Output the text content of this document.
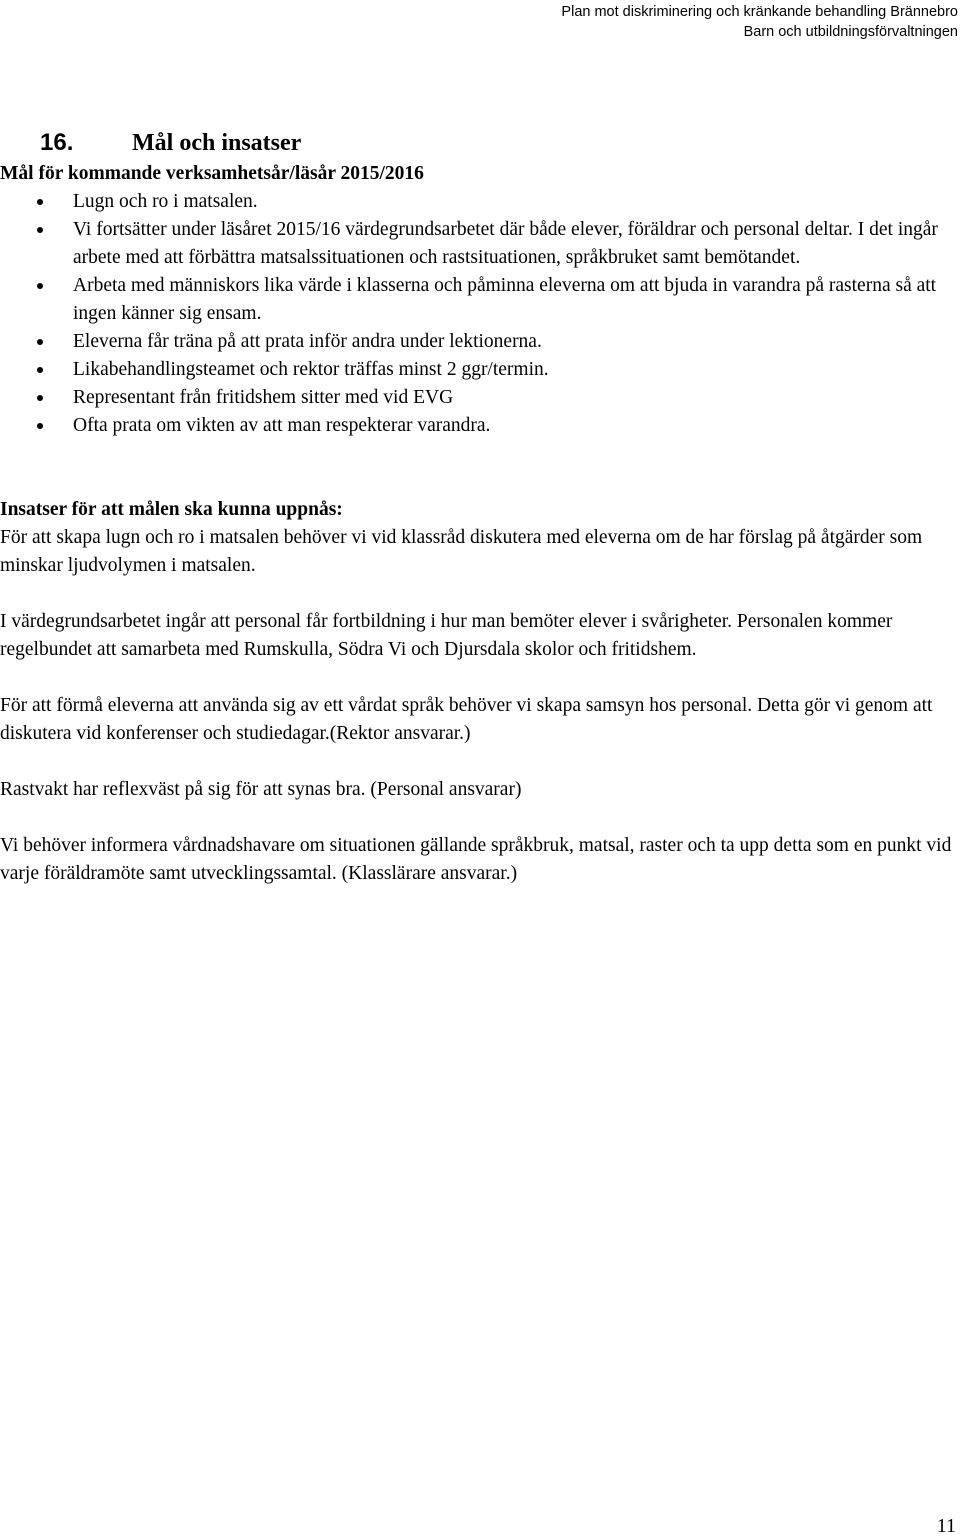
Plan mot diskriminering och kränkande behandling Brännebro
Barn och utbildningsförvaltningen
16. Mål och insatser
Mål för kommande verksamhetsår/läsår 2015/2016
Lugn och ro i matsalen.
Vi fortsätter under läsåret 2015/16 värdegrundsarbetet där både elever, föräldrar och personal deltar. I det ingår arbete med att förbättra matsalssituationen och rastsituationen, språkbruket samt bemötandet.
Arbeta med människors lika värde i klasserna och påminna eleverna om att bjuda in varandra på rasterna så att ingen känner sig ensam.
Eleverna får träna på att prata inför andra under lektionerna.
Likabehandlingsteamet och rektor träffas minst 2 ggr/termin.
Representant från fritidshem sitter med vid EVG
Ofta prata om vikten av att man respekterar varandra.
Insatser för att målen ska kunna uppnås:

För att skapa lugn och ro i matsalen behöver vi vid klassråd diskutera med eleverna om de har förslag på åtgärder som minskar ljudvolymen i matsalen.

I värdegrundsarbetet ingår att personal får fortbildning i hur man bemöter elever i svårigheter. Personalen kommer regelbundet att samarbeta med Rumskulla, Södra Vi och Djursdala skolor och fritidshem.

För att förmå eleverna att använda sig av ett vårdat språk behöver vi skapa samsyn hos personal. Detta gör vi genom att diskutera vid konferenser och studiedagar.(Rektor ansvarar.)

Rastvakt har reflexväst på sig för att synas bra. (Personal ansvarar)

Vi behöver informera vårdnadshavare om situationen gällande språkbruk, matsal, raster och ta upp detta som en punkt vid varje föräldramöte samt utvecklingssamtal. (Klasslärare ansvarar.)

11
